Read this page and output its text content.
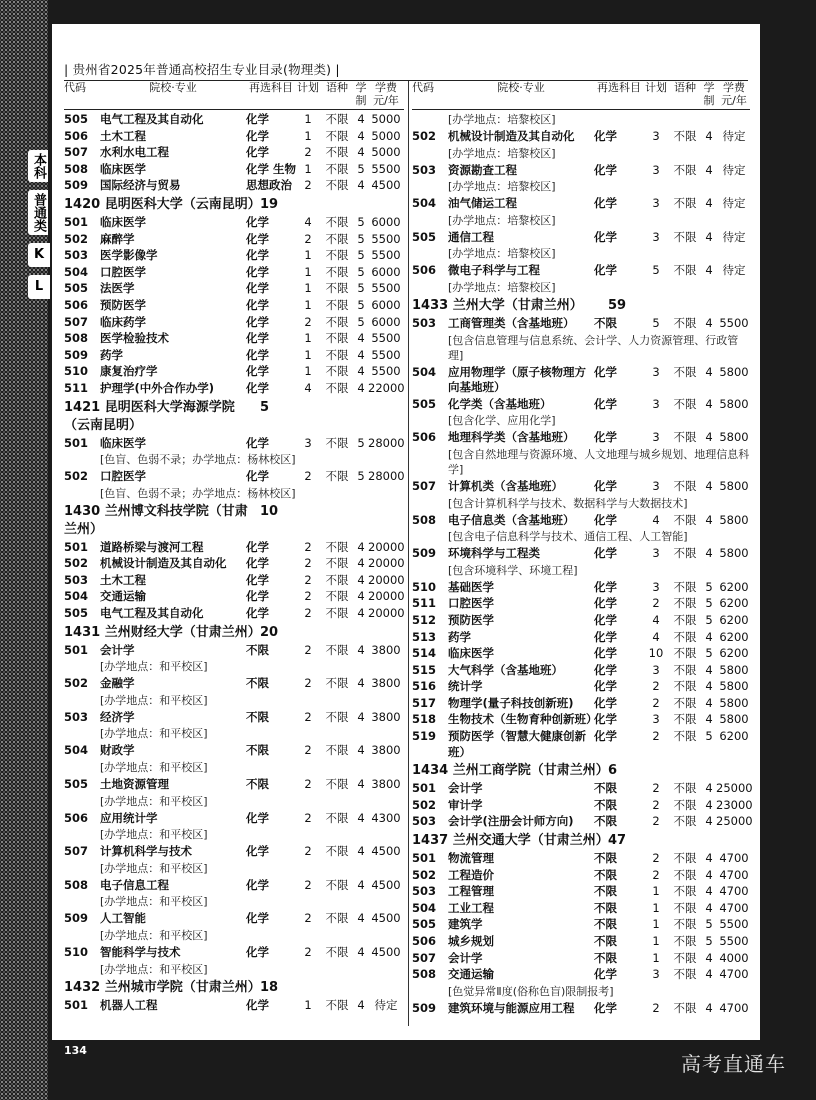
本科
普通类
K
L
| 贵州省2025年普通高校招生专业目录(物理类) |
代码	院校·专业	再选科目 计划 语种 学制
学费元/年
505	电气工程及其自动化	化学	1	不限 4 5000
506	土木工程	化学	1	不限 4 5000
507	水利水电工程	化学	2	不限 4 5000
508	临床医学	化学 生物 1	不限 5 5500
509	国际经济与贸易	思想政治	2	不限 4 4500
1420 昆明医科大学（云南昆明） 19
501	临床医学	化学	4	不限 5 6000
502	麻醉学	化学	2	不限 5 5500
503	医学影像学	化学	1	不限 5 5500
504	口腔医学	化学	1	不限 5 6000
505	法医学	化学	1	不限 5 5500
506	预防医学	化学	1	不限 5 6000
507	临床药学	化学	2	不限 5 6000
508	医学检验技术	化学	1	不限 4 5500
509	药学	化学	1	不限 4 5500
510	康复治疗学	化学	1	不限 4 5500
511	护理学(中外合作办学)	化学	4	不限 4 22000
1421 昆明医科大学海源学院（云南昆明）
5
501	临床医学	化学	3	不限 5 28000
[色盲、色弱不录；办学地点：杨林校区]
502	口腔医学	化学	2	不限 5 28000
[色盲、色弱不录；办学地点：杨林校区]
1430 兰州博文科技学院（甘肃兰州）
10
501	道路桥梁与渡河工程	化学	2	不限 4 20000
502	机械设计制造及其自动化	化学	2	不限 4 20000
503	土木工程	化学	2	不限 4 20000
504	交通运输	化学	2	不限 4 20000
505	电气工程及其自动化	化学	2	不限 4 20000
1431 兰州财经大学（甘肃兰州） 20
501	会计学	不限	2	不限 4 3800
[办学地点：和平校区]
502	金融学	不限	2	不限 4 3800
[办学地点：和平校区]
503	经济学	不限	2	不限 4 3800
[办学地点：和平校区]
504	财政学	不限	2	不限 4 3800
[办学地点：和平校区]
505	土地资源管理	不限	2	不限 4 3800
[办学地点：和平校区]
506	应用统计学	化学	2	不限 4 4300
[办学地点：和平校区]
507	计算机科学与技术	化学	2	不限 4 4500
[办学地点：和平校区]
508	电子信息工程	化学	2	不限 4 4500
[办学地点：和平校区]
509	人工智能	化学	2	不限 4 4500
[办学地点：和平校区]
510	智能科学与技术	化学	2	不限 4 4500
[办学地点：和平校区]
1432 兰州城市学院（甘肃兰州） 18
501	机器人工程	化学	1	不限 4 待定
代码	院校·专业	再选科目 计划 语种 学制
学费元/年
[办学地点：培黎校区]
502	机械设计制造及其自动化	化学	3	不限 4 待定
[办学地点：培黎校区]
503	资源勘查工程	化学	3	不限 4 待定
[办学地点：培黎校区]
504	油气储运工程	化学	3	不限 4 待定
[办学地点：培黎校区]
505	通信工程	化学	3	不限 4 待定
[办学地点：培黎校区]
506	微电子科学与工程	化学	5	不限 4 待定
[办学地点：培黎校区]
1433 兰州大学（甘肃兰州）	59
503	工商管理类（含基地班）	不限	5	不限 4 5500
[包含信息管理与信息系统、会计学、人力资源管理、行政管理]
504	应用物理学（原子核物理方向基地班）
化学	3	不限 4 5800
505	化学类（含基地班）	化学	3	不限 4 5800
[包含化学、应用化学]
506	地理科学类（含基地班）	化学	3	不限 4 5800
[包含自然地理与资源环境、人文地理与城乡规划、地理信息科学]
507	计算机类（含基地班）	化学	3	不限 4 5800
[包含计算机科学与技术、数据科学与大数据技术]
508	电子信息类（含基地班）	化学	4	不限 4 5800
[包含电子信息科学与技术、通信工程、人工智能]
509	环境科学与工程类	化学	3	不限 4 5800
[包含环境科学、环境工程]
510	基础医学	化学	3	不限 5 6200
511	口腔医学	化学	2	不限 5 6200
512	预防医学	化学	4	不限 5 6200
513	药学	化学	4	不限 4 6200
514	临床医学	化学	10 不限 5 6200
515	大气科学（含基地班）	化学	3	不限 4 5800
516	统计学	化学	2	不限 4 5800
517	物理学(量子科技创新班)	化学	2	不限 4 5800
518	生物技术（生物育种创新班）
化学	3	不限 4 5800
519	预防医学（智慧大健康创新班）
化学	2	不限 5 6200
1434 兰州工商学院（甘肃兰州） 6
501	会计学	不限	2	不限 4 25000
502	审计学	不限	2	不限 4 23000
503	会计学(注册会计师方向)	不限	2	不限 4 25000
1437 兰州交通大学（甘肃兰州） 47
501	物流管理	不限	2	不限 4 4700
502	工程造价	不限	2	不限 4 4700
503	工程管理	不限	1	不限 4 4700
504	工业工程	不限	1	不限 4 4700
505	建筑学	不限	1	不限 5 5500
506	城乡规划	不限	1	不限 5 5500
507	会计学	不限	1	不限 4 4000
508	交通运输	化学	3	不限 4 4700
[色觉异常Ⅱ度(俗称色盲)限制报考]
509	建筑环境与能源应用工程	化学	2	不限 4 4700
134
高考直通车
